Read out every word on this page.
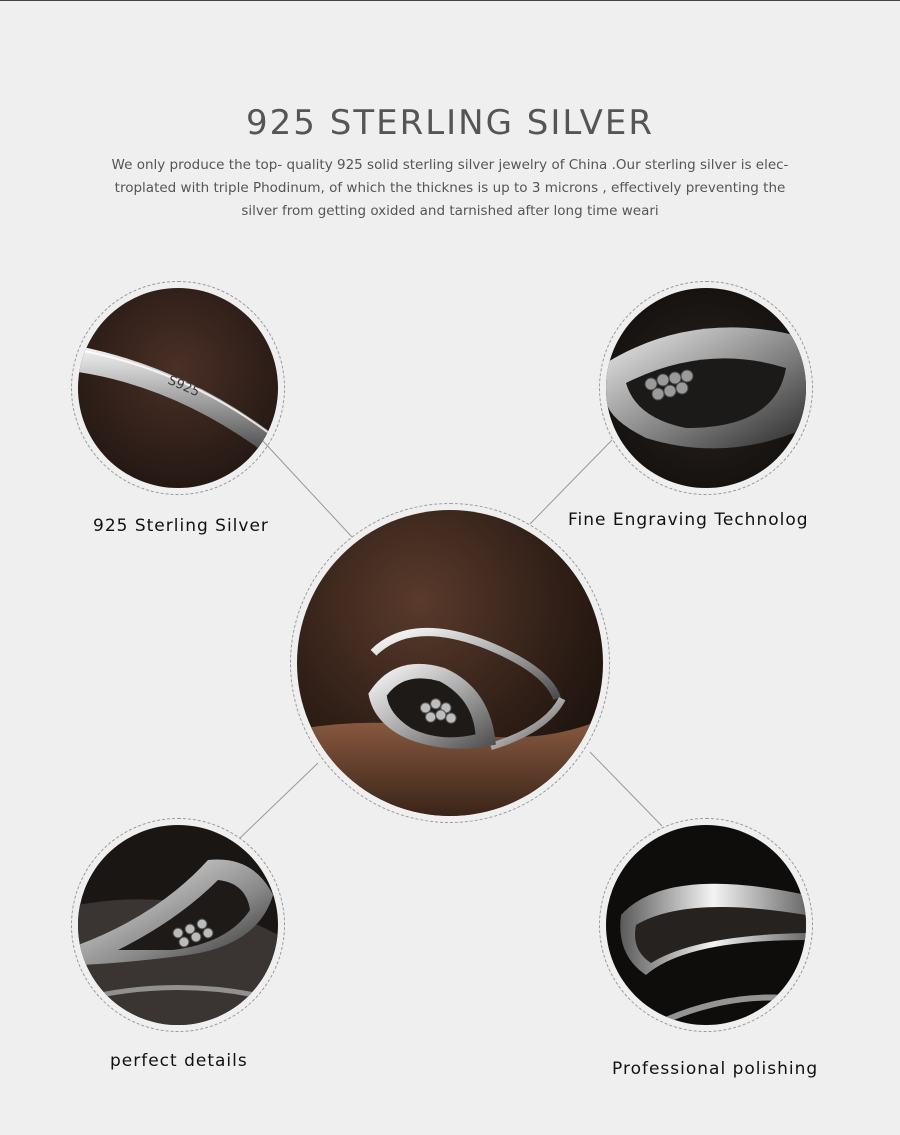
925 STERLING SILVER
We only produce the top- quality 925 solid sterling silver jewelry of China .Our sterling silver is elec-
troplated with triple Phodinum, of which the thicknes is up to 3 microns , effectively preventing the
silver from getting oxided and tarnished after long time weari
S925
925 Sterling Silver	Fine Engraving Technolog
perfect details	Professional polishing
